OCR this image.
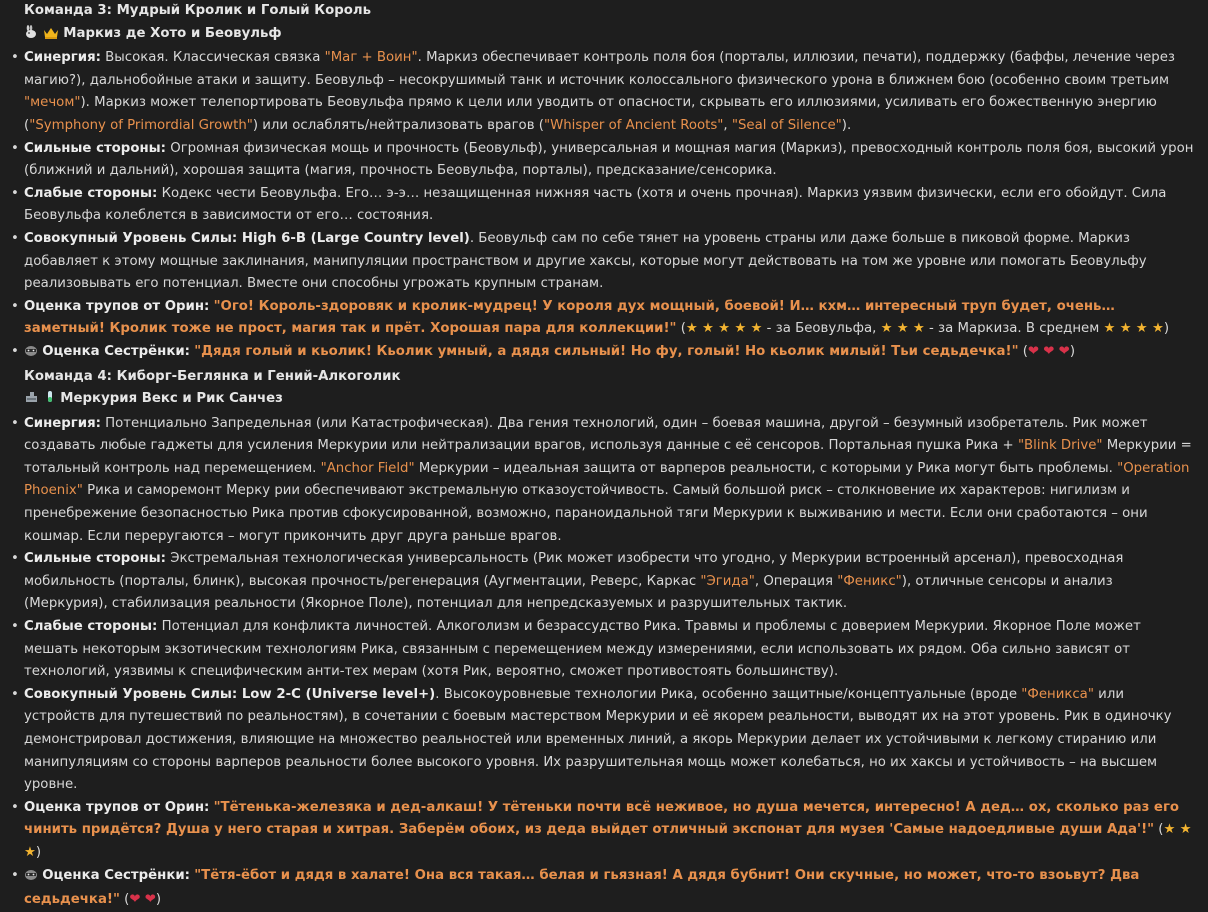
Команда 3: Мудрый Кролик и Голый Король

Маркиз де Хото и Беовульф

• Синергия: Высокая. Классическая связка "Маг + Воин". Маркиз обеспечивает контроль поля боя (порталы, иллюзии, печати), поддержку (баффы, лечение через магию?), дальнобойные атаки и защиту. Беовульф – несокрушимый танк и источник колоссального физического урона в ближнем бою (особенно своим третьим "мечом"). Маркиз может телепортировать Беовульфа прямо к цели или уводить от опасности, скрывать его иллюзиями, усиливать его божественную энергию ("Symphony of Primordial Growth") или ослаблять/нейтрализовать врагов ("Whisper of Ancient Roots", "Seal of Silence").
• Сильные стороны: Огромная физическая мощь и прочность (Беовульф), универсальная и мощная магия (Маркиз), превосходный контроль поля боя, высокий урон (ближний и дальний), хорошая защита (магия, прочность Беовульфа, порталы), предсказание/сенсорика.
• Слабые стороны: Кодекс чести Беовульфа. Его… э-э… незащищенная нижняя часть (хотя и очень прочная). Маркиз уязвим физически, если его обойдут. Сила Беовульфа колеблется в зависимости от его… состояния.
• Совокупный Уровень Силы: High 6-B (Large Country level). Беовульф сам по себе тянет на уровень страны или даже больше в пиковой форме. Маркиз добавляет к этому мощные заклинания, манипуляции пространством и другие хаксы, которые могут действовать на том же уровне или помогать Беовульфу реализовывать его потенциал. Вместе они способны угрожать крупным странам.
• Оценка трупов от Орин: "Ого! Король-здоровяк и кролик-мудрец! У короля дух мощный, боевой! И… кхм… интересный труп будет, очень… заметный! Кролик тоже не прост, магия так и прёт. Хорошая пара для коллекции!" (★ ★ ★ ★ ★ - за Беовульфа, ★ ★ ★ - за Маркиза. В среднем ★ ★ ★ ★)
• Оценка Сестрёнки: "Дядя голый и кьолик! Кьолик умный, а дядя сильный! Но фу, голый! Но кьолик милый! Тьи седьдечка!" (❤ ❤ ❤)

Команда 4: Киборг-Беглянка и Гений-Алкоголик

Меркурия Векс и Рик Санчез

• Синергия: Потенциально Запредельная (или Катастрофическая). Два гения технологий, один – боевая машина, другой – безумный изобретатель. Рик может создавать любые гаджеты для усиления Меркурии или нейтрализации врагов, используя данные с её сенсоров. Портальная пушка Рика + "Blink Drive" Меркурии = тотальный контроль над перемещением. "Anchor Field" Меркурии – идеальная защита от варперов реальности, с которыми у Рика могут быть проблемы. "Operation Phoenix" Рика и саморемонт Мерку рии обеспечивают экстремальную отказоустойчивость. Самый большой риск – столкновение их характеров: нигилизм и пренебрежение безопасностью Рика против сфокусированной, возможно, параноидальной тяги Меркурии к выживанию и мести. Если они сработаются – они кошмар. Если переругаются – могут прикончить друг друга раньше врагов.
• Сильные стороны: Экстремальная технологическая универсальность (Рик может изобрести что угодно, у Меркурии встроенный арсенал), превосходная мобильность (порталы, блинк), высокая прочность/регенерация (Аугментации, Реверс, Каркас "Эгида", Операция "Феникс"), отличные сенсоры и анализ (Меркурия), стабилизация реальности (Якорное Поле), потенциал для непредсказуемых и разрушительных тактик.
• Слабые стороны: Потенциал для конфликта личностей. Алкоголизм и безрассудство Рика. Травмы и проблемы с доверием Меркурии. Якорное Поле может мешать некоторым экзотическим технологиям Рика, связанным с перемещением между измерениями, если использовать их рядом. Оба сильно зависят от технологий, уязвимы к специфическим анти-тех мерам (хотя Рик, вероятно, сможет противостоять большинству).
• Совокупный Уровень Силы: Low 2-C (Universe level+). Высокоуровневые технологии Рика, особенно защитные/концептуальные (вроде "Феникса" или устройств для путешествий по реальностям), в сочетании с боевым мастерством Меркурии и её якорем реальности, выводят их на этот уровень. Рик в одиночку демонстрировал достижения, влияющие на множество реальностей или временных линий, а якорь Меркурии делает их устойчивыми к легкому стиранию или манипуляциям со стороны варперов реальности более высокого уровня. Их разрушительная мощь может колебаться, но их хаксы и устойчивость – на высшем уровне.
• Оценка трупов от Орин: "Тётенька-железяка и дед-алкаш! У тётеньки почти всё неживое, но душа мечется, интересно! А дед… ох, сколько раз его чинить придётся? Душа у него старая и хитрая. Заберём обоих, из деда выйдет отличный экспонат для музея 'Самые надоедливые души Ада'!" (★ ★ ★)
• Оценка Сестрёнки: "Тётя-ёбот и дядя в халате! Она вся такая… белая и гьязная! А дядя бубнит! Они скучные, но может, что-то взоьвут? Два седьдечка!" (❤ ❤)
